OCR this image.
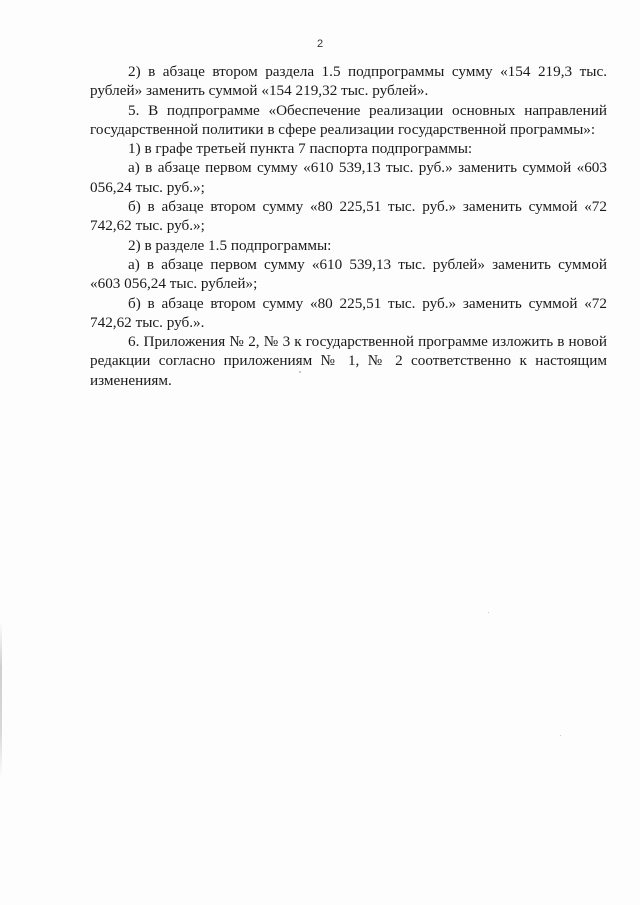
2

2) в абзаце втором раздела 1.5 подпрограммы сумму «154 219,3 тыс. рублей» заменить суммой «154 219,32 тыс. рублей».

5. В подпрограмме «Обеспечение реализации основных направлений государственной политики в сфере реализации государственной программы»:

1) в графе третьей пункта 7 паспорта подпрограммы:

а) в абзаце первом сумму «610 539,13 тыс. руб.» заменить суммой «603 056,24 тыс. руб.»;

б) в абзаце втором сумму «80 225,51 тыс. руб.» заменить суммой «72 742,62 тыс. руб.»;

2) в разделе 1.5 подпрограммы:

а) в абзаце первом сумму «610 539,13 тыс. рублей» заменить суммой «603 056,24 тыс. рублей»;

б) в абзаце втором сумму «80 225,51 тыс. руб.» заменить суммой «72 742,62 тыс. руб.».

6. Приложения № 2, № 3 к государственной программе изложить в новой редакции согласно приложениям № 1, № 2 соответственно к настоящим изменениям.
